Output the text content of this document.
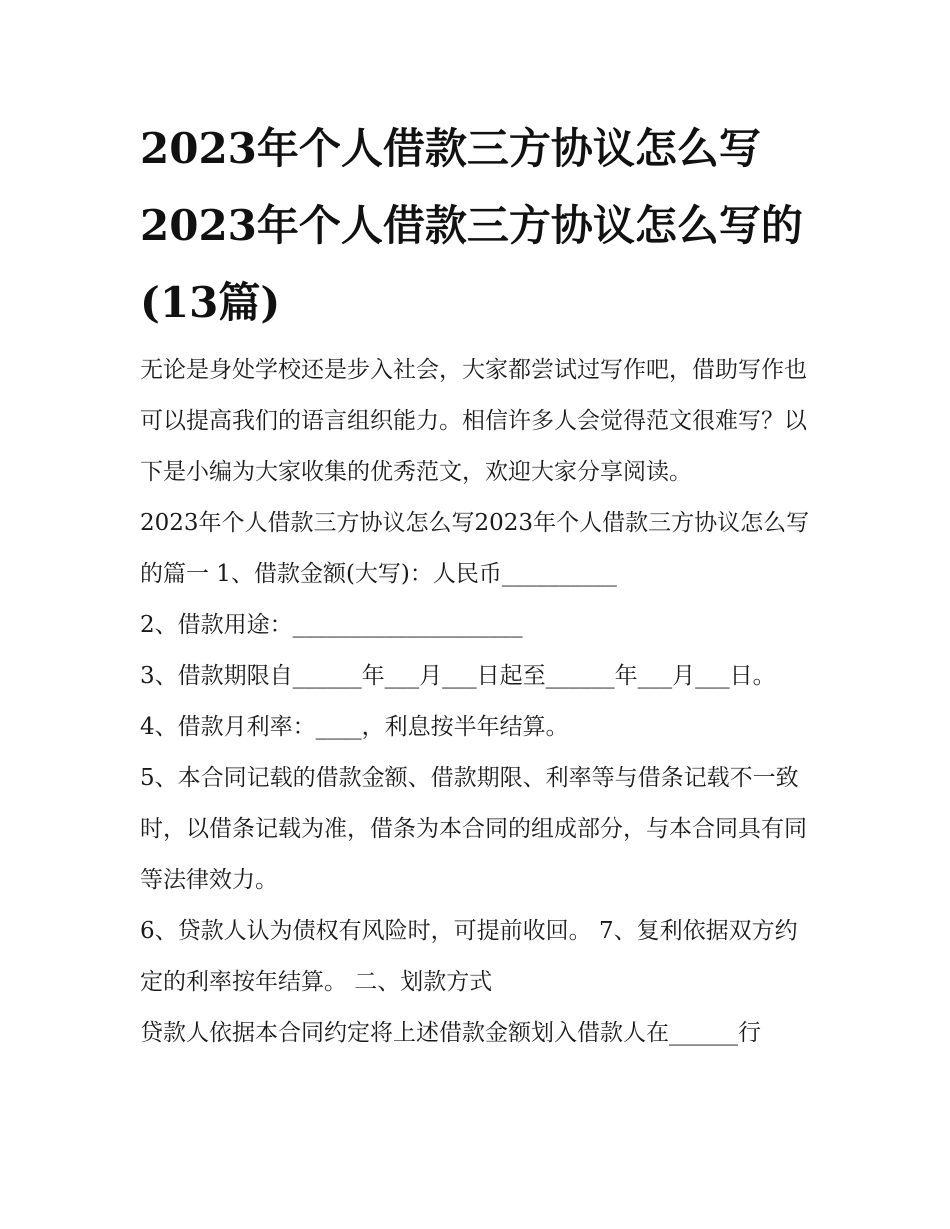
2023年个人借款三方协议怎么写2023年个人借款三方协议怎么写的(13篇)

无论是身处学校还是步入社会，大家都尝试过写作吧，借助写作也可以提高我们的语言组织能力。相信许多人会觉得范文很难写？以下是小编为大家收集的优秀范文，欢迎大家分享阅读。

2023年个人借款三方协议怎么写2023年个人借款三方协议怎么写的篇一 1、借款金额(大写)：人民币__________

2、借款用途：____________________

3、借款期限自______年___月___日起至______年___月___日。 4、借款月利率：____，利息按半年结算。

5、本合同记载的借款金额、借款期限、利率等与借条记载不一致时，以借条记载为准，借条为本合同的组成部分，与本合同具有同等法律效力。

6、贷款人认为债权有风险时，可提前收回。 7、复利依据双方约定的利率按年结算。 二、划款方式

贷款人依据本合同约定将上述借款金额划入借款人在______行
